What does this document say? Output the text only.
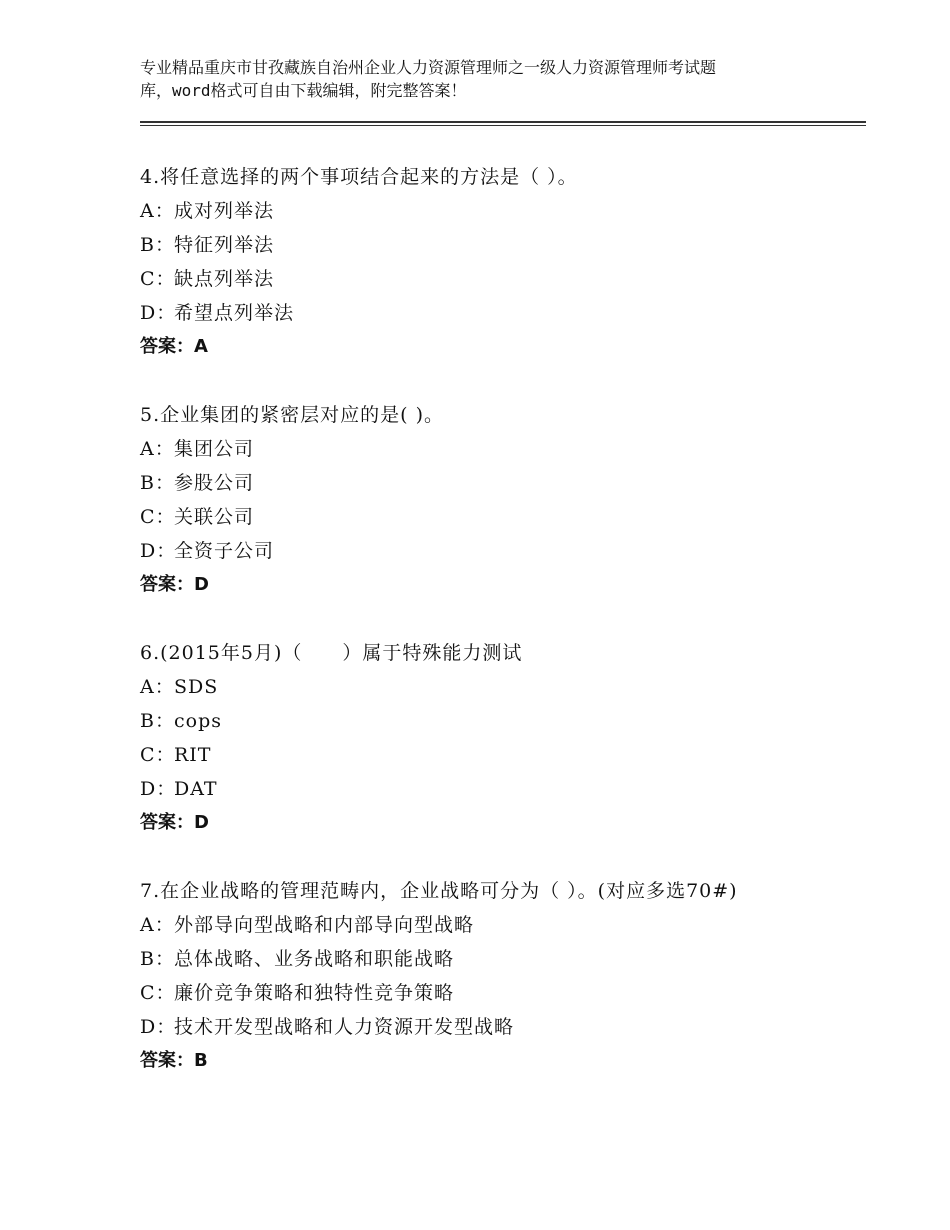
专业精品重庆市甘孜藏族自治州企业人力资源管理师之一级人力资源管理师考试题
库，word格式可自由下载编辑，附完整答案！
4.将任意选择的两个事项结合起来的方法是（ ）。
A：成对列举法
B：特征列举法
C：缺点列举法
D：希望点列举法
答案：A
5.企业集团的紧密层对应的是( )。
A：集团公司
B：参股公司
C：关联公司
D：全资子公司
答案：D
6.(2015年5月)（　　）属于特殊能力测试
A：SDS
B：cops
C：RIT
D：DAT
答案：D
7.在企业战略的管理范畴内，企业战略可分为（ ）。(对应多选70#)
A：外部导向型战略和内部导向型战略
B：总体战略、业务战略和职能战略
C：廉价竞争策略和独特性竞争策略
D：技术开发型战略和人力资源开发型战略
答案：B
